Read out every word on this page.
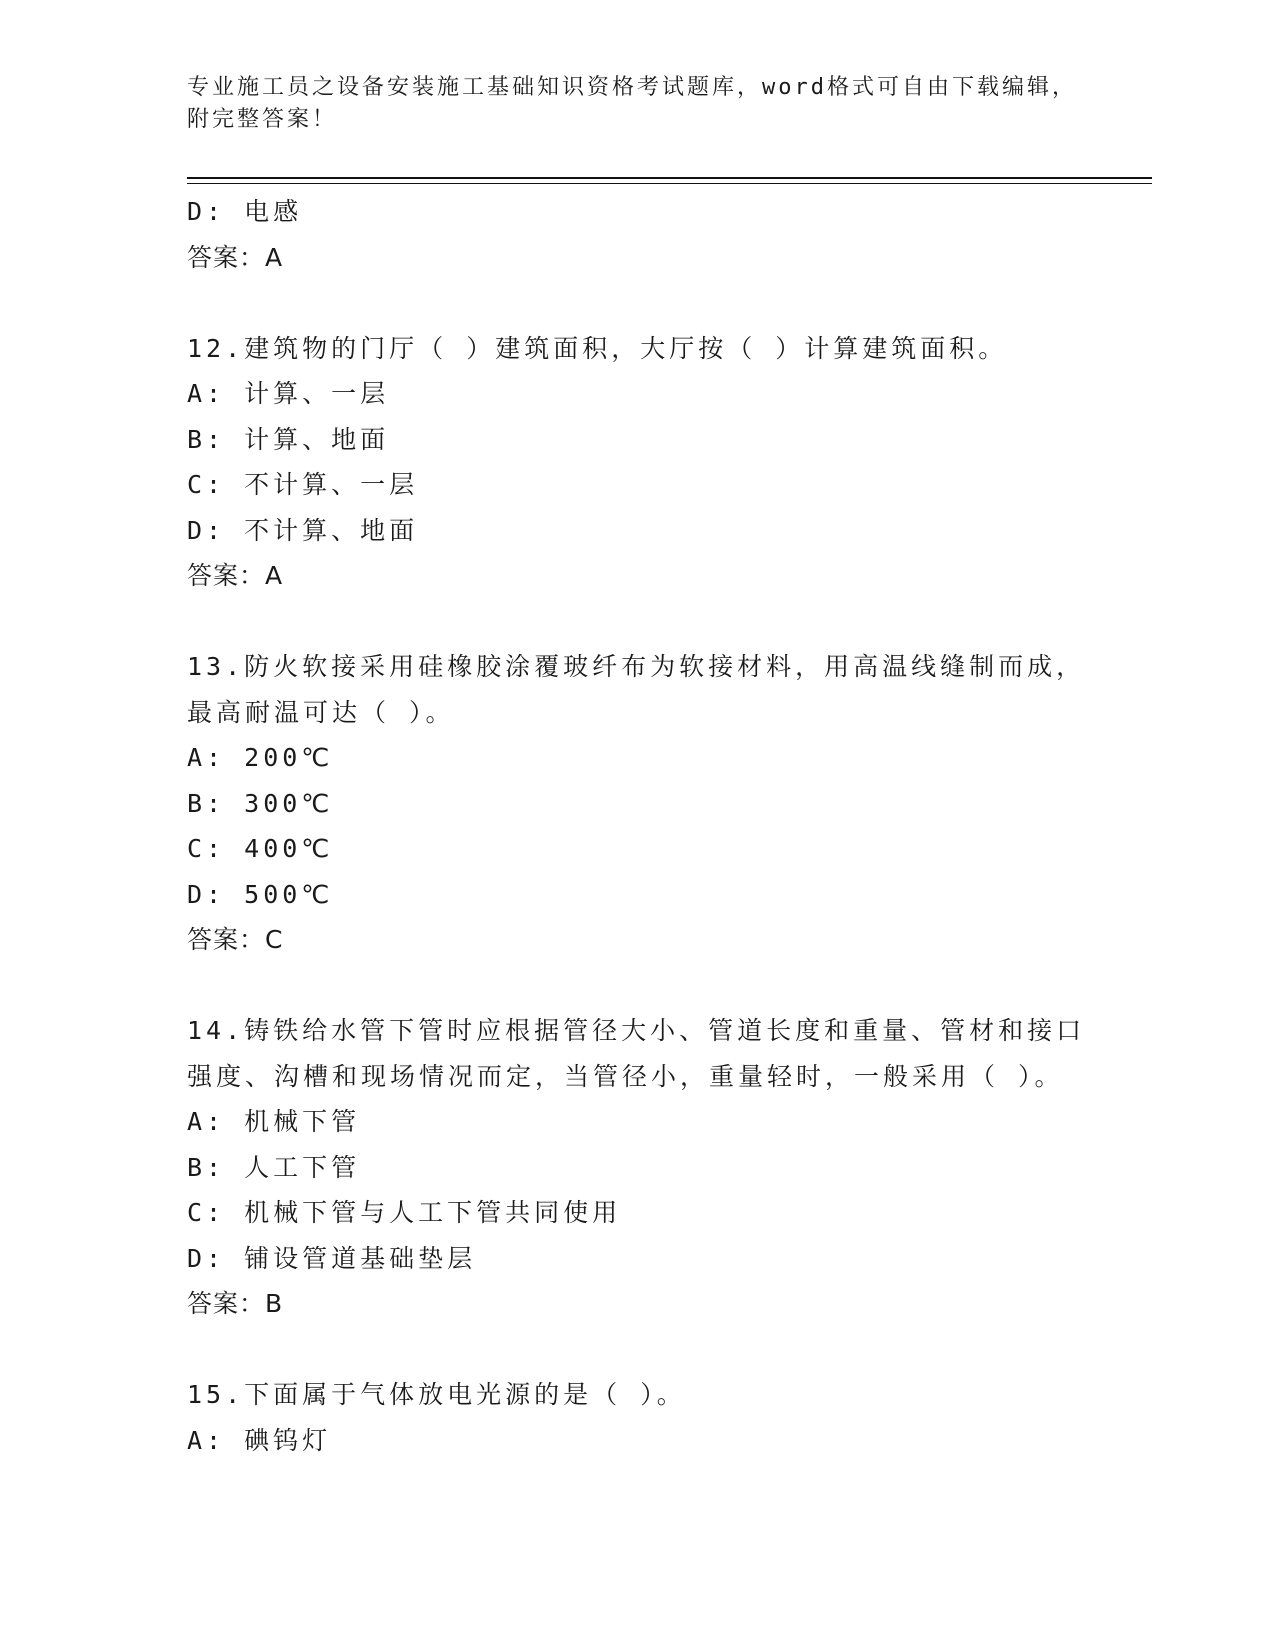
专业施工员之设备安装施工基础知识资格考试题库，word格式可自由下载编辑，
附完整答案！
D: 电感
答案：A
12.建筑物的门厅（ ）建筑面积，大厅按（ ）计算建筑面积。
A: 计算、一层
B: 计算、地面
C: 不计算、一层
D: 不计算、地面
答案：A
13.防火软接采用硅橡胶涂覆玻纤布为软接材料，用高温线缝制而成，
最高耐温可达（ ）。
A: 200℃
B: 300℃
C: 400℃
D: 500℃
答案：C
14.铸铁给水管下管时应根据管径大小、管道长度和重量、管材和接口
强度、沟槽和现场情况而定，当管径小，重量轻时，一般采用（ ）。
A: 机械下管
B: 人工下管
C: 机械下管与人工下管共同使用
D: 铺设管道基础垫层
答案：B
15.下面属于气体放电光源的是（ ）。
A: 碘钨灯
